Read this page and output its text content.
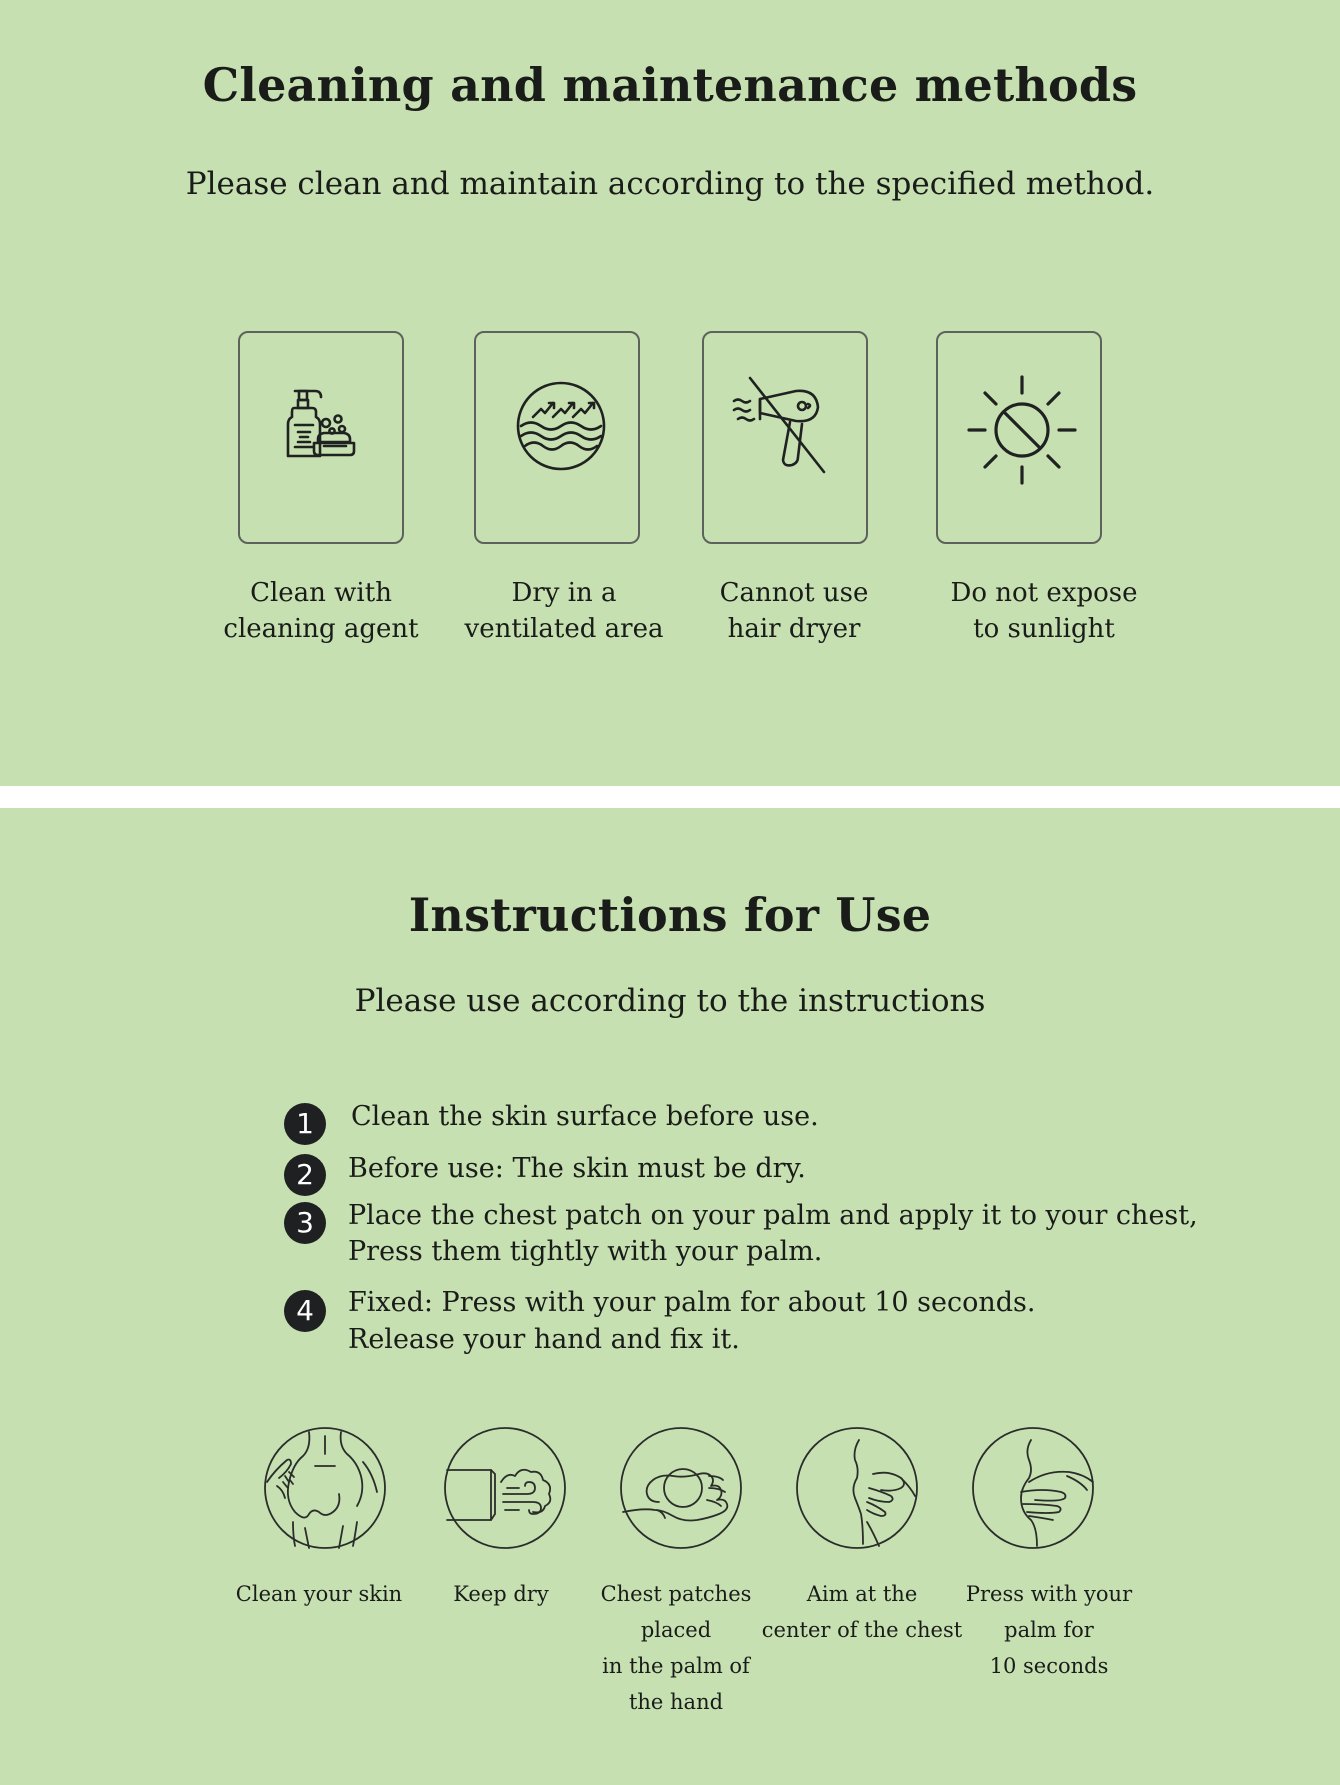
Cleaning and maintenance methods
Please clean and maintain according to the specified method.
Clean with
cleaning agent
Dry in a
ventilated area
Cannot use
hair dryer
Do not expose
to sunlight
Instructions for Use
Please use according to the instructions
1	Clean the skin surface before use.
2	Before use: The skin must be dry.
3	Place the chest patch on your palm and apply it to your chest,
Press them tightly with your palm.
4	Fixed: Press with your palm for about 10 seconds.
Release your hand and fix it.
Clean your skin	Keep dry	Chest patches placed
in the palm of
the hand
Aim at the
center of the chest
Press with your
palm for
10 seconds
